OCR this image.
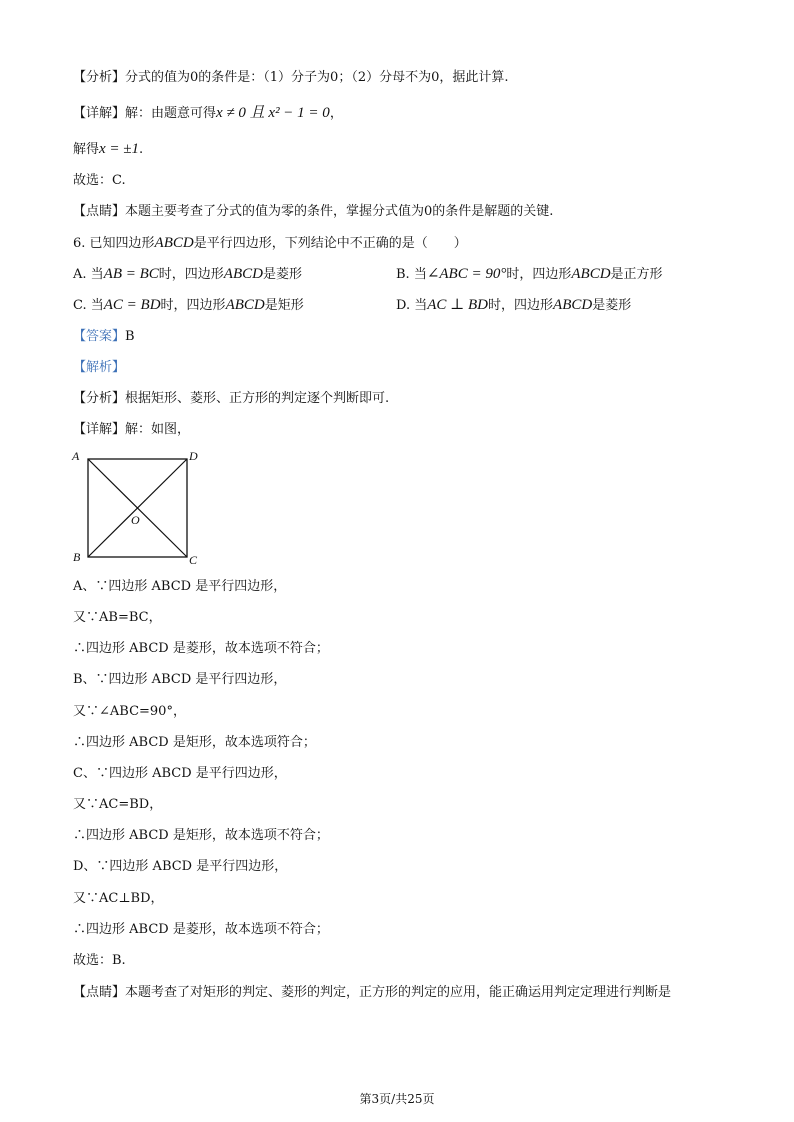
【分析】分式的值为0的条件是：（1）分子为0；（2）分母不为0，据此计算.
【详解】解：由题意可得x ≠ 0 且 x² − 1 = 0，
解得x = ±1.
故选：C.
【点睛】本题主要考查了分式的值为零的条件，掌握分式值为0的条件是解题的关键.
6. 已知四边形ABCD是平行四边形，下列结论中不正确的是（　　）
A. 当AB = BC时，四边形ABCD是菱形	B. 当∠ABC = 90°时，四边形ABCD是正方形
C. 当AC = BD时，四边形ABCD是矩形	D. 当AC ⊥ BD时，四边形ABCD是菱形
【答案】B
【解析】
【分析】根据矩形、菱形、正方形的判定逐个判断即可.
【详解】解：如图，
A	D
B	C
O
A、∵四边形 ABCD 是平行四边形，
又∵AB=BC，
∴四边形 ABCD 是菱形，故本选项不符合；
B、∵四边形 ABCD 是平行四边形，
又∵∠ABC=90°，
∴四边形 ABCD 是矩形，故本选项符合；
C、∵四边形 ABCD 是平行四边形，
又∵AC=BD，
∴四边形 ABCD 是矩形，故本选项不符合；
D、∵四边形 ABCD 是平行四边形，
又∵AC⊥BD，
∴四边形 ABCD 是菱形，故本选项不符合；
故选：B.
【点睛】本题考查了对矩形的判定、菱形的判定，正方形的判定的应用，能正确运用判定定理进行判断是
第3页/共25页
